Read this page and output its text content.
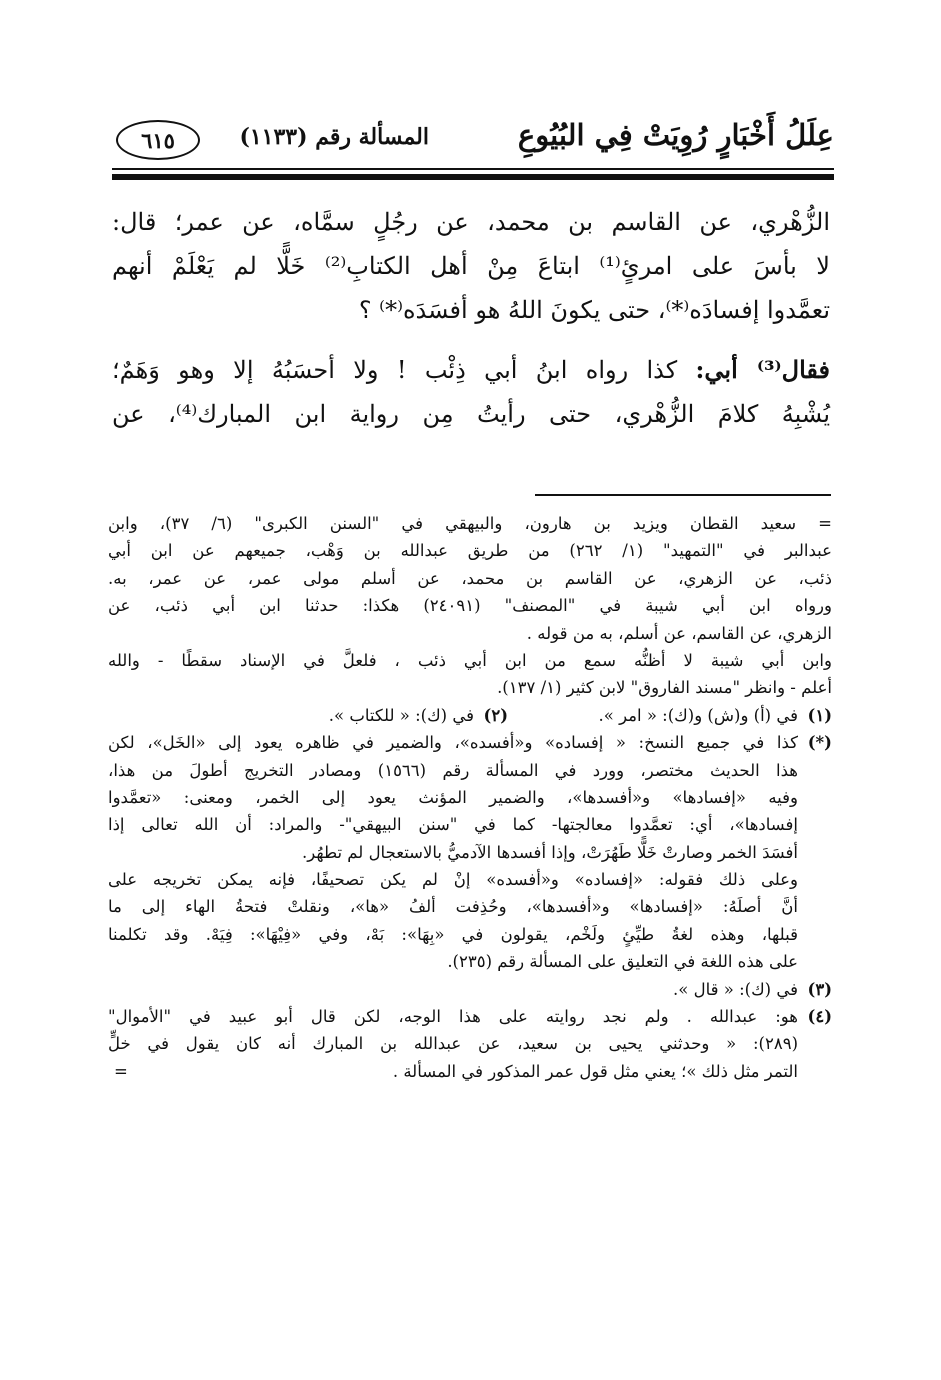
عِلَلُ أَخْبَارٍ رُوِيَتْ فِي البُيُوعِ
المسألة رقم (١١٣٣)
٦١٥
الزُّهْري، عن القاسم بن محمد، عن رجُلٍ سمَّاه، عن عمر؛ قال:
لا بأسَ على امرئٍ⁽¹⁾ ابتاعَ مِنْ أهل الكتابِ⁽²⁾ خَلًّا لم يَعْلَمْ أنهم
تعمَّدوا إفسادَه⁽*⁾، حتى يكونَ اللهُ هو أفسَدَه⁽*⁾ ؟
فقال⁽³⁾ أبي: كذا رواه ابنُ أبي ذِئْب ! ولا أحسَبُهُ إلا وهو وَهَمٌ؛
يُشْبِهُ كلامَ الزُّهْري، حتى رأيتُ مِن رواية ابن المبارك⁽⁴⁾، عن
= سعيد القطان ويزيد بن هارون، والبيهقي في "السنن الكبرى" (٦/ ٣٧)، وابن
عبدالبر في "التمهيد" (١/ ٢٦٢) من طريق عبدالله بن وَهْب، جميعهم عن ابن أبي
ذئب، عن الزهري، عن القاسم بن محمد، عن أسلم مولى عمر، عن عمر، به.
ورواه ابن أبي شيبة في "المصنف" (٢٤٠٩١) هكذا: حدثنا ابن أبي ذئب، عن
الزهري، عن القاسم، عن أسلم، به من قوله .
وابن أبي شيبة لا أظنُّه سمع من ابن أبي ذئب ، فلعلَّ في الإسناد سقطًا - والله
أعلم - وانظر "مسند الفاروق" لابن كثير (١/ ١٣٧).
(١)في (أ) و(ش) و(ك): « امر ».(٢)في (ك): « للكتاب ».
(*)كذا في جميع النسخ: « إفساده» و«أفسده»، والضمير في ظاهره يعود إلى «الخَل»، لكن
هذا الحديث مختصر، وورد في المسألة رقم (١٥٦٦) ومصادر التخريج أطولَ من هذا،
وفيه «إفسادها» و«أفسدها»، والضمير المؤنث يعود إلى الخمر، ومعنى: «تعمَّدوا
إفسادها»، أي: تعمَّدوا معالجتها- كما في "سنن البيهقي"- والمراد: أن الله تعالى إذا
أفسَدَ الخمر وصارتْ خَلًّا طَهُرَتْ، وإذا أفسدها الآدميُّ بالاستعجال لم تطهُر.
وعلى ذلك فقوله: «إفساده» و«أفسده» إنْ لم يكن تصحيفًا، فإنه يمكن تخريجه على
أنَّ أصلَهُ: «إفسادها» و«أفسدها»، وحُذِفت ألفُ «ها»، ونقلتْ فتحةُ الهاء إلى ما
قبلها، وهذه لغةُ طيِّئٍ ولَخْم، يقولون في «بِهَا»: بَهْ، وفي «فِيْهَا»: فِيَهْ. وقد تكلمنا
على هذه اللغة في التعليق على المسألة رقم (٢٣٥).
(٣)في (ك): « قال ».
(٤)هو: عبدالله . ولم نجد روايته على هذا الوجه، لكن قال أبو عبيد في "الأموال"
(٢٨٩): « وحدثني يحيى بن سعيد، عن عبدالله بن المبارك أنه كان يقول في خلٍّ
التمر مثل ذلك »؛ يعني مثل قول عمر المذكور في المسألة .
=
